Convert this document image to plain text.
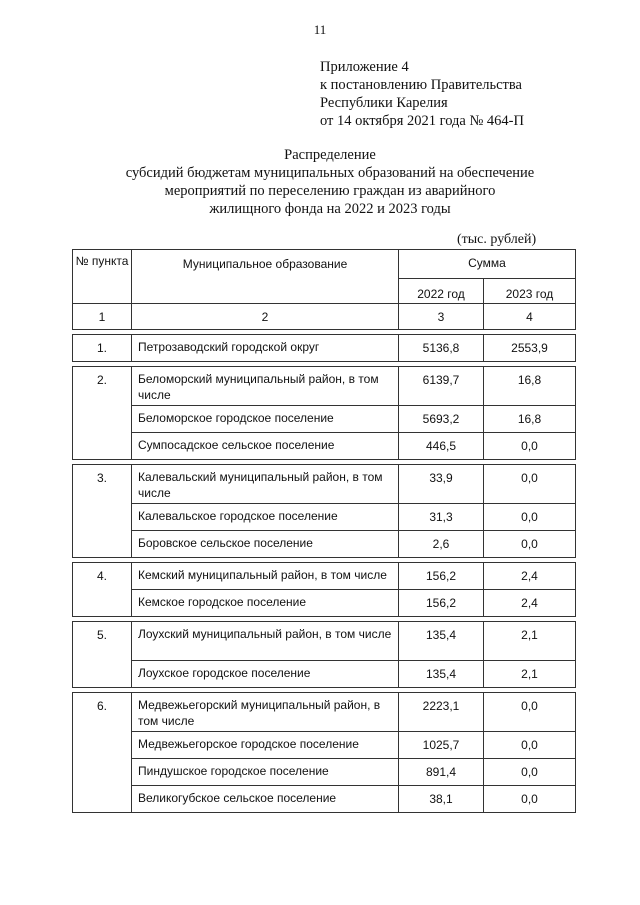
11
Приложение 4
к постановлению Правительства
Республики Карелия
от 14 октября 2021 года № 464-П
Распределение
субсидий бюджетам муниципальных образований на обеспечение
мероприятий по переселению граждан из аварийного
жилищного фонда на 2022 и 2023 годы
(тыс. рублей)
№ пункта	Муниципальное образование	Сумма	
		2022 год	2023 год
1	2	3	4

1.	Петрозаводский городской округ	5136,8	2553,9

2.	Беломорский муниципальный район, в том числе	6139,7	16,8
	Беломорское городское поселение	5693,2	16,8
	Сумпосадское сельское поселение	446,5	0,0

3.	Калевальский муниципальный район, в том числе	33,9	0,0
	Калевальское городское поселение	31,3	0,0
	Боровское сельское поселение	2,6	0,0

4.	Кемский муниципальный район, в том числе	156,2	2,4
	Кемское городское поселение	156,2	2,4

5.	Лоухский муниципальный район, в том числе	135,4	2,1
	Лоухское городское поселение	135,4	2,1

6.	Медвежьегорский муниципальный район, в том числе	2223,1	0,0
	Медвежьегорское городское поселение	1025,7	0,0
	Пиндушское городское поселение	891,4	0,0
	Великогубское сельское поселение	38,1	0,0
